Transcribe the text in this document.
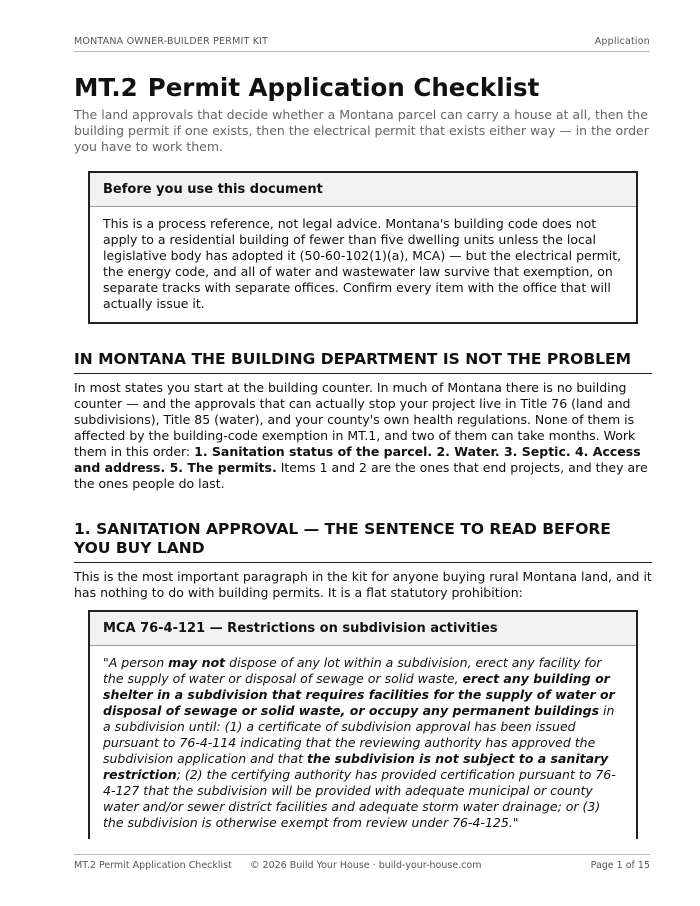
MONTANA OWNER-BUILDER PERMIT KIT	Application
MT.2 Permit Application Checklist

The land approvals that decide whether a Montana parcel can carry a house at all, then the building permit if one exists, then the electrical permit that exists either way — in the order you have to work them.

Before you use this document
This is a process reference, not legal advice. Montana's building code does not apply to a residential building of fewer than five dwelling units unless the local legislative body has adopted it (50-60-102(1)(a), MCA) — but the electrical permit, the energy code, and all of water and wastewater law survive that exemption, on separate tracks with separate offices. Confirm every item with the office that will actually issue it.
IN MONTANA THE BUILDING DEPARTMENT IS NOT THE PROBLEM

In most states you start at the building counter. In much of Montana there is no building counter — and the approvals that can actually stop your project live in Title 76 (land and subdivisions), Title 85 (water), and your county's own health regulations. None of them is affected by the building-code exemption in MT.1, and two of them can take months. Work them in this order: 1. Sanitation status of the parcel. 2. Water. 3. Septic. 4. Access and address. 5. The permits. Items 1 and 2 are the ones that end projects, and they are the ones people do last.

1. SANITATION APPROVAL — THE SENTENCE TO READ BEFORE YOU BUY LAND

This is the most important paragraph in the kit for anyone buying rural Montana land, and it has nothing to do with building permits. It is a flat statutory prohibition:

MCA 76-4-121 — Restrictions on subdivision activities
"A person may not dispose of any lot within a subdivision, erect any facility for the supply of water or disposal of sewage or solid waste, erect any building or shelter in a subdivision that requires facilities for the supply of water or disposal of sewage or solid waste, or occupy any permanent buildings in a subdivision until: (1) a certificate of subdivision approval has been issued pursuant to 76-4-114 indicating that the reviewing authority has approved the subdivision application and that the subdivision is not subject to a sanitary restriction; (2) the certifying authority has provided certification pursuant to 76-4-127 that the subdivision will be provided with adequate municipal or county water and/or sewer district facilities and adequate storm water drainage; or (3) the subdivision is otherwise exempt from review under 76-4-125."
MT.2 Permit Application Checklist	© 2026 Build Your House · build-your-house.com	Page 1 of 15
